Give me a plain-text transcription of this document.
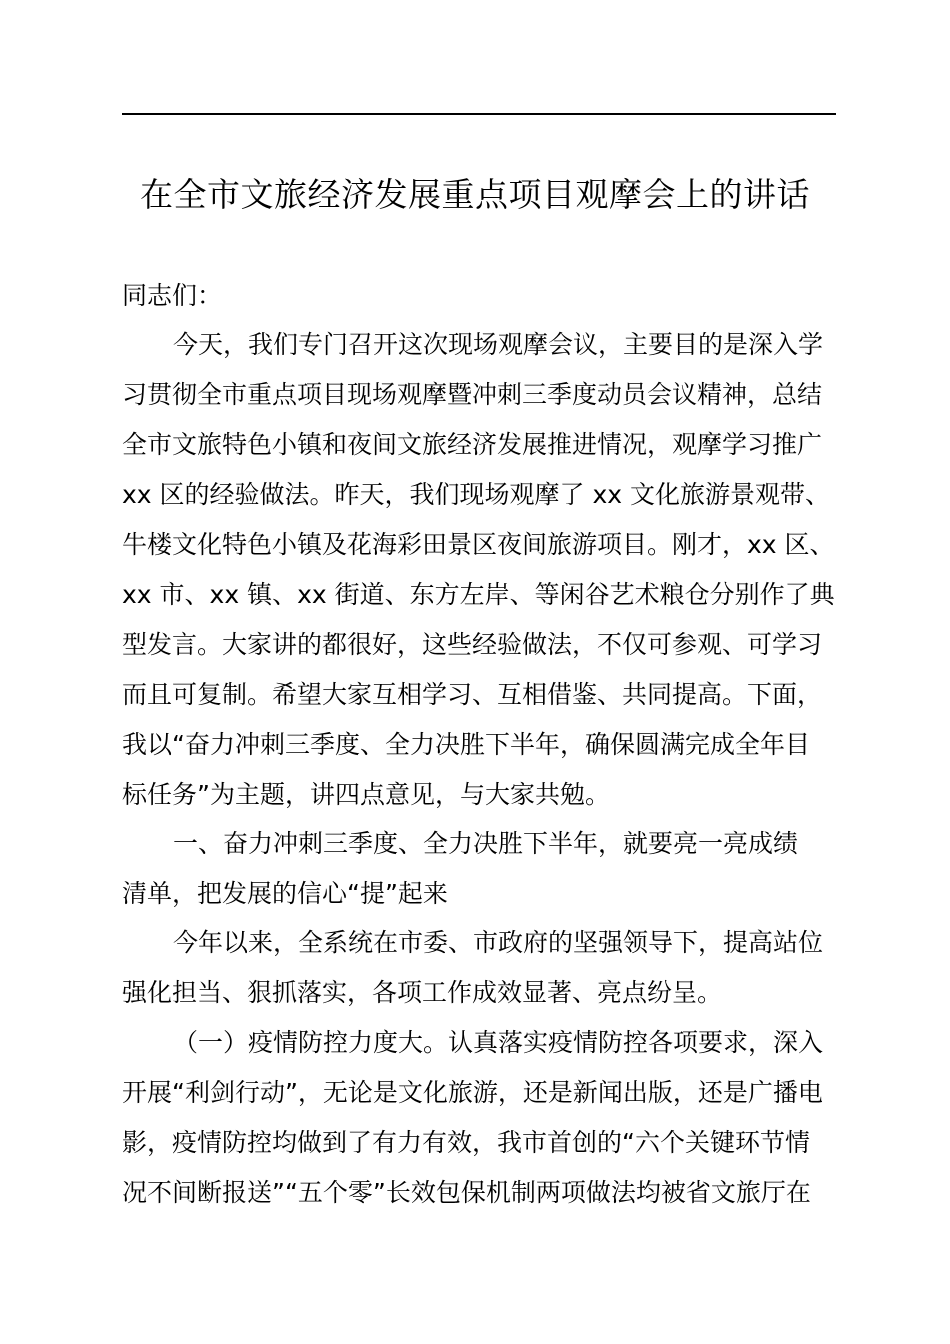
在全市文旅经济发展重点项目观摩会上的讲话
同志们：
今天，我们专门召开这次现场观摩会议，主要目的是深入学
习贯彻全市重点项目现场观摩暨冲刺三季度动员会议精神，总结
全市文旅特色小镇和夜间文旅经济发展推进情况，观摩学习推广
xx 区的经验做法。昨天，我们现场观摩了 xx 文化旅游景观带、
牛楼文化特色小镇及花海彩田景区夜间旅游项目。刚才，xx 区、
xx 市、xx 镇、xx 街道、东方左岸、等闲谷艺术粮仓分别作了典
型发言。大家讲的都很好，这些经验做法，不仅可参观、可学习
而且可复制。希望大家互相学习、互相借鉴、共同提高。下面，
我以“奋力冲刺三季度、全力决胜下半年，确保圆满完成全年目
标任务”为主题，讲四点意见，与大家共勉。
一、奋力冲刺三季度、全力决胜下半年，就要亮一亮成绩
清单，把发展的信心“提”起来
今年以来，全系统在市委、市政府的坚强领导下，提高站位
强化担当、狠抓落实，各项工作成效显著、亮点纷呈。
（一）疫情防控力度大。认真落实疫情防控各项要求，深入
开展“利剑行动”，无论是文化旅游，还是新闻出版，还是广播电
影，疫情防控均做到了有力有效，我市首创的“六个关键环节情
况不间断报送”“五个零”长效包保机制两项做法均被省文旅厅在
